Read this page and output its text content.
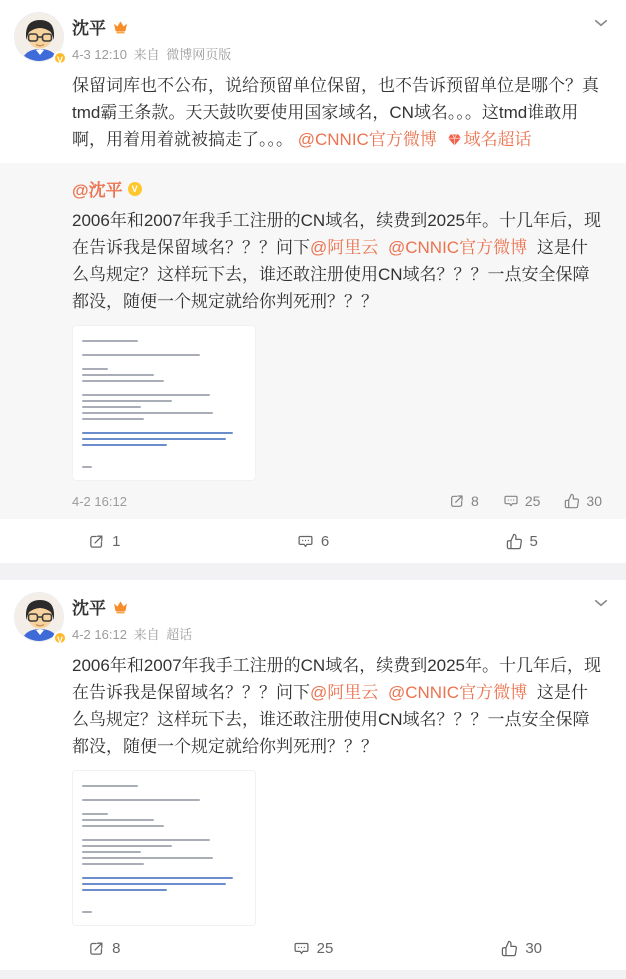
V
沈平
4-3 12:10 来自 微博网页版
保留词库也不公布，说给预留单位保留，也不告诉预留单位是哪个？真tmd霸王条款。天天鼓吹要使用国家域名，CN域名。。。这tmd谁敢用啊，用着用着就被搞走了。。。 @CNNIC官方微博 域名超话
@沈平 V
2006年和2007年我手工注册的CN域名，续费到2025年。十几年后，现在告诉我是保留域名？？？问下@阿里云 @CNNIC官方微博 这是什么鸟规定？这样玩下去，谁还敢注册使用CN域名？？？一点安全保障都没，随便一个规定就给你判死刑？？？
4-2 16:12	8	25	30
1	6	5
V
沈平
4-2 16:12 来自 超话
2006年和2007年我手工注册的CN域名，续费到2025年。十几年后，现在告诉我是保留域名？？？问下@阿里云 @CNNIC官方微博 这是什么鸟规定？这样玩下去，谁还敢注册使用CN域名？？？一点安全保障都没，随便一个规定就给你判死刑？？？
8	25	30
